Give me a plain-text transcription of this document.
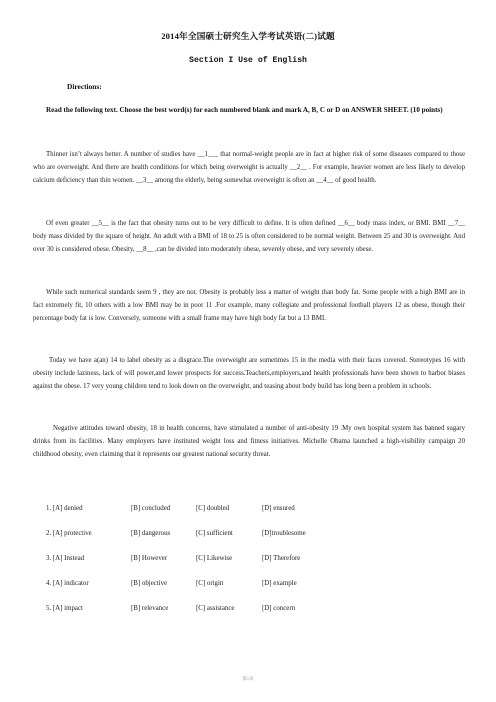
2014年全国硕士研究生入学考试英语(二)试题
Section I Use of English
Directions:
Read the following text. Choose the best word(s) for each numbered blank and mark A, B, C or D on ANSWER SHEET. (10 points)
Thinner isn’t always better. A number of studies have __1___ that normal-weight people are in fact at higher risk of some diseases compared to those who are overweight. And there are health conditions for which being overweight is actually __2__ . For example, heavier women are less likely to develop calcium deficiency than thin women. __3__ among the elderly, being somewhat overweight is often an __4__ of good health.
Of even greater __5__ is the fact that obesity turns out to be very difficult to define. It is often defined __6__ body mass index, or BMI. BMI __7__ body mass divided by the square of height. An adult with a BMI of 18 to 25 is often considered to be normal weight. Between 25 and 30 is overweight. And over 30 is considered obese. Obesity, __8__ ,can be divided into moderately obese, severely obese, and very severely obese.
While such numerical standards seem 9 , they are not. Obesity is probably less a matter of weight than body fat. Some people with a high BMI are in fact extremely fit, 10 others with a low BMI may be in poor 11 .For example, many collegiate and professional football players 12 as obese, though their percentage body fat is low. Conversely, someone with a small frame may have high body fat but a 13 BMI.
Today we have a(an) 14 to label obesity as a disgrace.The overweight are sometimes 15 in the media with their faces covered. Stereotypes 16 with obesity include laziness, lack of will power,and lower prospects for success.Teachers,employers,and health professionals have been shown to harbor biases against the obese. 17 very young children tend to look down on the overweight, and teasing about body build has long been a problem in schools.
Negative attitudes toward obesity, 18 in health concerns, have stimulated a number of anti-obesity 19 .My own hospital system has banned sugary drinks from its facilities. Many employers have instituted weight loss and fitness initiatives. Michelle Obama launched a high-visibility campaign 20 childhood obesity, even claiming that it represents our greatest national security threat.
1. [A] denied	[B] concluded	[C] doubled	[D] ensured
2. [A] protective	[B] dangerous	[C] sufficient	[D]troublesome
3. [A] Instead	[B] However	[C] Likewise	[D] Therefore
4. [A] indicator	[B] objective	[C] origin	[D] example
5. [A] impact	[B] relevance	[C] assistance	[D] concern
第1页
